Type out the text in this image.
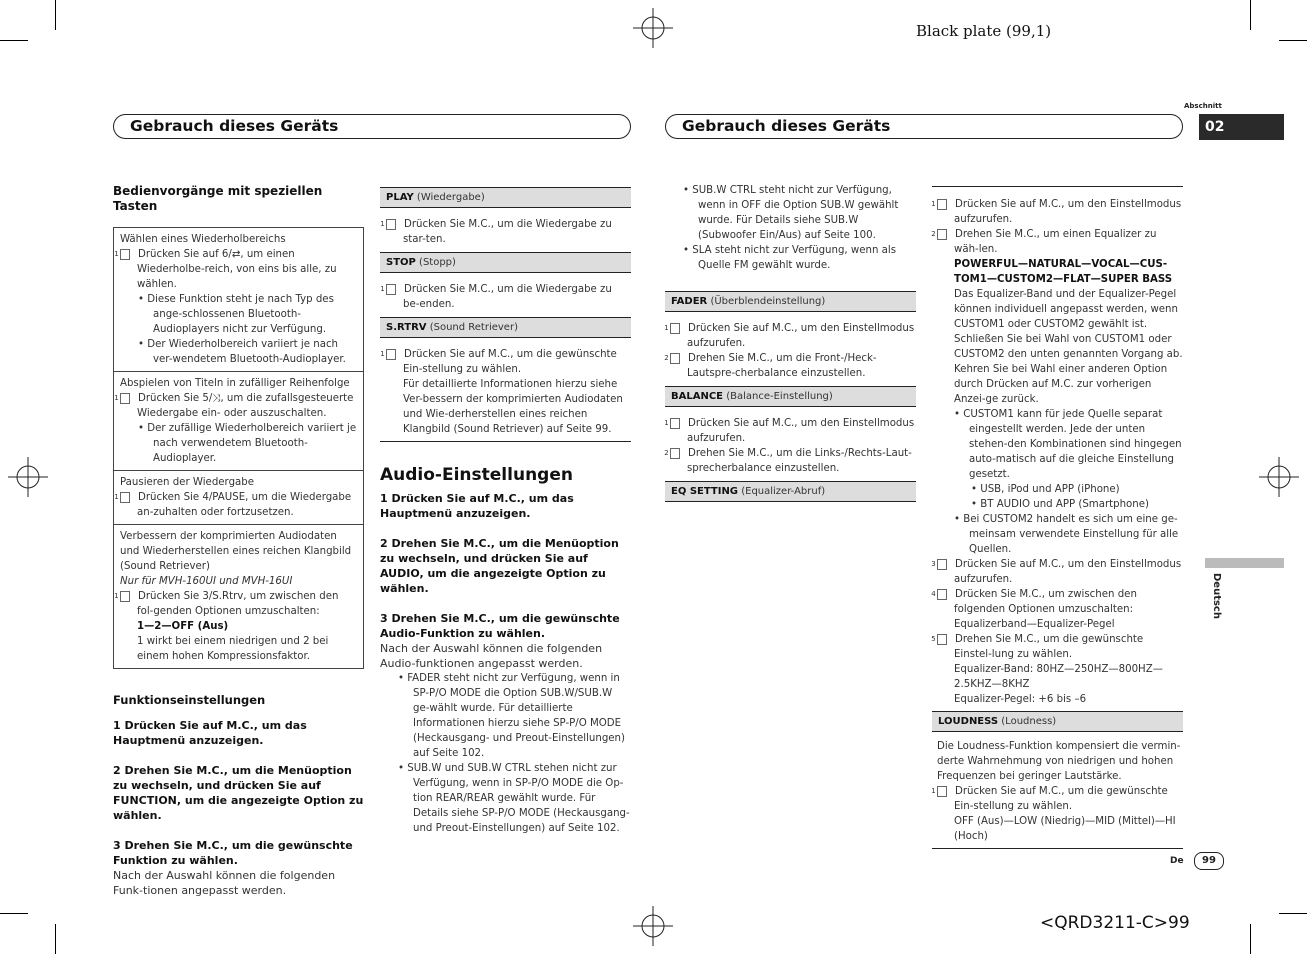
Black plate (99,1)
<QRD3211-C>99
Gebrauch dieses Geräts	Gebrauch dieses Geräts
Abschnitt
02
Deutsch
De	99
Bedienvorgänge mit speziellen Tasten
Wählen eines Wiederholbereichs
1 Drücken Sie auf 6/⇄, um einen Wiederholbe-reich, von eins bis alle, zu wählen.
• Diese Funktion steht je nach Typ des ange-schlossenen Bluetooth-Audioplayers nicht zur Verfügung.
• Der Wiederholbereich variiert je nach ver-wendetem Bluetooth-Audioplayer.
Abspielen von Titeln in zufälliger Reihenfolge
1 Drücken Sie 5/⤨, um die zufallsgesteuerte Wiedergabe ein- oder auszuschalten.
• Der zufällige Wiederholbereich variiert je nach verwendetem Bluetooth-Audioplayer.
Pausieren der Wiedergabe
1 Drücken Sie 4/PAUSE, um die Wiedergabe an-zuhalten oder fortzusetzen.
Verbessern der komprimierten Audiodaten und Wiederherstellen eines reichen Klangbild (Sound Retriever)
Nur für MVH-160UI und MVH-16UI
1 Drücken Sie 3/S.Rtrv, um zwischen den fol-genden Optionen umzuschalten:
1—2—OFF (Aus)
1 wirkt bei einem niedrigen und 2 bei einem hohen Kompressionsfaktor.
Funktionseinstellungen
1 Drücken Sie auf M.C., um das Hauptmenü anzuzeigen.
2 Drehen Sie M.C., um die Menüoption zu wechseln, und drücken Sie auf FUNCTION, um die angezeigte Option zu wählen.
3 Drehen Sie M.C., um die gewünschte Funktion zu wählen.
Nach der Auswahl können die folgenden Funk-tionen angepasst werden.
PLAY (Wiedergabe)
1 Drücken Sie M.C., um die Wiedergabe zu star-ten.
STOP (Stopp)
1 Drücken Sie M.C., um die Wiedergabe zu be-enden.
S.RTRV (Sound Retriever)
1 Drücken Sie auf M.C., um die gewünschte Ein-stellung zu wählen.
Für detaillierte Informationen hierzu siehe Ver-bessern der komprimierten Audiodaten und Wie-derherstellen eines reichen Klangbild (Sound Retriever) auf Seite 99.
Audio-Einstellungen
1 Drücken Sie auf M.C., um das Hauptmenü anzuzeigen.
2 Drehen Sie M.C., um die Menüoption zu wechseln, und drücken Sie auf AUDIO, um die angezeigte Option zu wählen.
3 Drehen Sie M.C., um die gewünschte Audio-Funktion zu wählen.
Nach der Auswahl können die folgenden Audio-funktionen angepasst werden.
• FADER steht nicht zur Verfügung, wenn in SP-P/O MODE die Option SUB.W/SUB.W ge-wählt wurde. Für detaillierte Informationen hierzu siehe SP-P/O MODE (Heckausgang- und Preout-Einstellungen) auf Seite 102.
• SUB.W und SUB.W CTRL stehen nicht zur Verfügung, wenn in SP-P/O MODE die Op-tion REAR/REAR gewählt wurde. Für Details siehe SP-P/O MODE (Heckausgang- und Preout-Einstellungen) auf Seite 102.
• SUB.W CTRL steht nicht zur Verfügung, wenn in OFF die Option SUB.W gewählt wurde. Für Details siehe SUB.W (Subwoofer Ein/Aus) auf Seite 100.
• SLA steht nicht zur Verfügung, wenn als Quelle FM gewählt wurde.
FADER (Überblendeinstellung)
1 Drücken Sie auf M.C., um den Einstellmodus aufzurufen.
2 Drehen Sie M.C., um die Front-/Heck-Lautspre-cherbalance einzustellen.
BALANCE (Balance-Einstellung)
1 Drücken Sie auf M.C., um den Einstellmodus aufzurufen.
2 Drehen Sie M.C., um die Links-/Rechts-Laut-sprecherbalance einzustellen.
EQ SETTING (Equalizer-Abruf)
1 Drücken Sie auf M.C., um den Einstellmodus aufzurufen.
2 Drehen Sie M.C., um einen Equalizer zu wäh-len.
POWERFUL—NATURAL—VOCAL—CUS-TOM1—CUSTOM2—FLAT—SUPER BASS
Das Equalizer-Band und der Equalizer-Pegel können individuell angepasst werden, wenn CUSTOM1 oder CUSTOM2 gewählt ist. Schließen Sie bei Wahl von CUSTOM1 oder CUSTOM2 den unten genannten Vorgang ab. Kehren Sie bei Wahl einer anderen Option durch Drücken auf M.C. zur vorherigen Anzei-ge zurück.
• CUSTOM1 kann für jede Quelle separat eingestellt werden. Jede der unten stehen-den Kombinationen sind hingegen auto-matisch auf die gleiche Einstellung gesetzt.
• USB, iPod und APP (iPhone)
• BT AUDIO und APP (Smartphone)
• Bei CUSTOM2 handelt es sich um eine ge-meinsam verwendete Einstellung für alle Quellen.
3 Drücken Sie auf M.C., um den Einstellmodus aufzurufen.
4 Drücken Sie M.C., um zwischen den folgenden Optionen umzuschalten:
Equalizerband—Equalizer-Pegel
5 Drehen Sie M.C., um die gewünschte Einstel-lung zu wählen.
Equalizer-Band: 80HZ—250HZ—800HZ—2.5KHZ—8KHZ
Equalizer-Pegel: +6 bis –6
LOUDNESS (Loudness)
Die Loudness-Funktion kompensiert die vermin-derte Wahrnehmung von niedrigen und hohen Frequenzen bei geringer Lautstärke.
1 Drücken Sie auf M.C., um die gewünschte Ein-stellung zu wählen.
OFF (Aus)—LOW (Niedrig)—MID (Mittel)—HI (Hoch)
